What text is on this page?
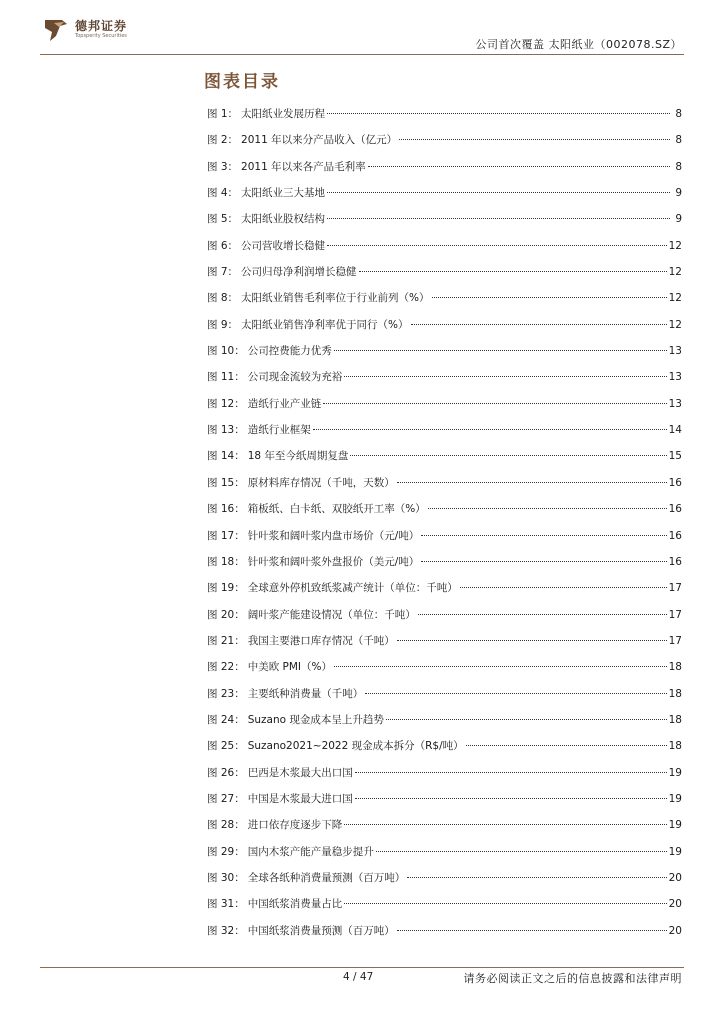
德邦证券
Topsperity Securities
公司首次覆盖 太阳纸业（002078.SZ）
图表目录
图 1： 太阳纸业发展历程	8
图 2： 2011 年以来分产品收入（亿元）	8
图 3： 2011 年以来各产品毛利率	8
图 4： 太阳纸业三大基地	9
图 5： 太阳纸业股权结构	9
图 6： 公司营收增长稳健	12
图 7： 公司归母净利润增长稳健	12
图 8： 太阳纸业销售毛利率位于行业前列（%）	12
图 9： 太阳纸业销售净利率优于同行（%）	12
图 10： 公司控费能力优秀	13
图 11： 公司现金流较为充裕	13
图 12： 造纸行业产业链	13
图 13： 造纸行业框架	14
图 14： 18 年至今纸周期复盘	15
图 15： 原材料库存情况（千吨，天数）	16
图 16： 箱板纸、白卡纸、双胶纸开工率（%）	16
图 17： 针叶浆和阔叶浆内盘市场价（元/吨）	16
图 18： 针叶浆和阔叶浆外盘报价（美元/吨）	16
图 19： 全球意外停机致纸浆减产统计（单位：千吨）	17
图 20： 阔叶浆产能建设情况（单位：千吨）	17
图 21： 我国主要港口库存情况（千吨）	17
图 22： 中美欧 PMI（%）	18
图 23： 主要纸种消费量（千吨）	18
图 24： Suzano 现金成本呈上升趋势	18
图 25： Suzano2021~2022 现金成本拆分（R$/吨）	18
图 26： 巴西是木浆最大出口国	19
图 27： 中国是木浆最大进口国	19
图 28： 进口依存度逐步下降	19
图 29： 国内木浆产能产量稳步提升	19
图 30： 全球各纸种消费量预测（百万吨）	20
图 31： 中国纸浆消费量占比	20
图 32： 中国纸浆消费量预测（百万吨）	20
4 / 47	请务必阅读正文之后的信息披露和法律声明
